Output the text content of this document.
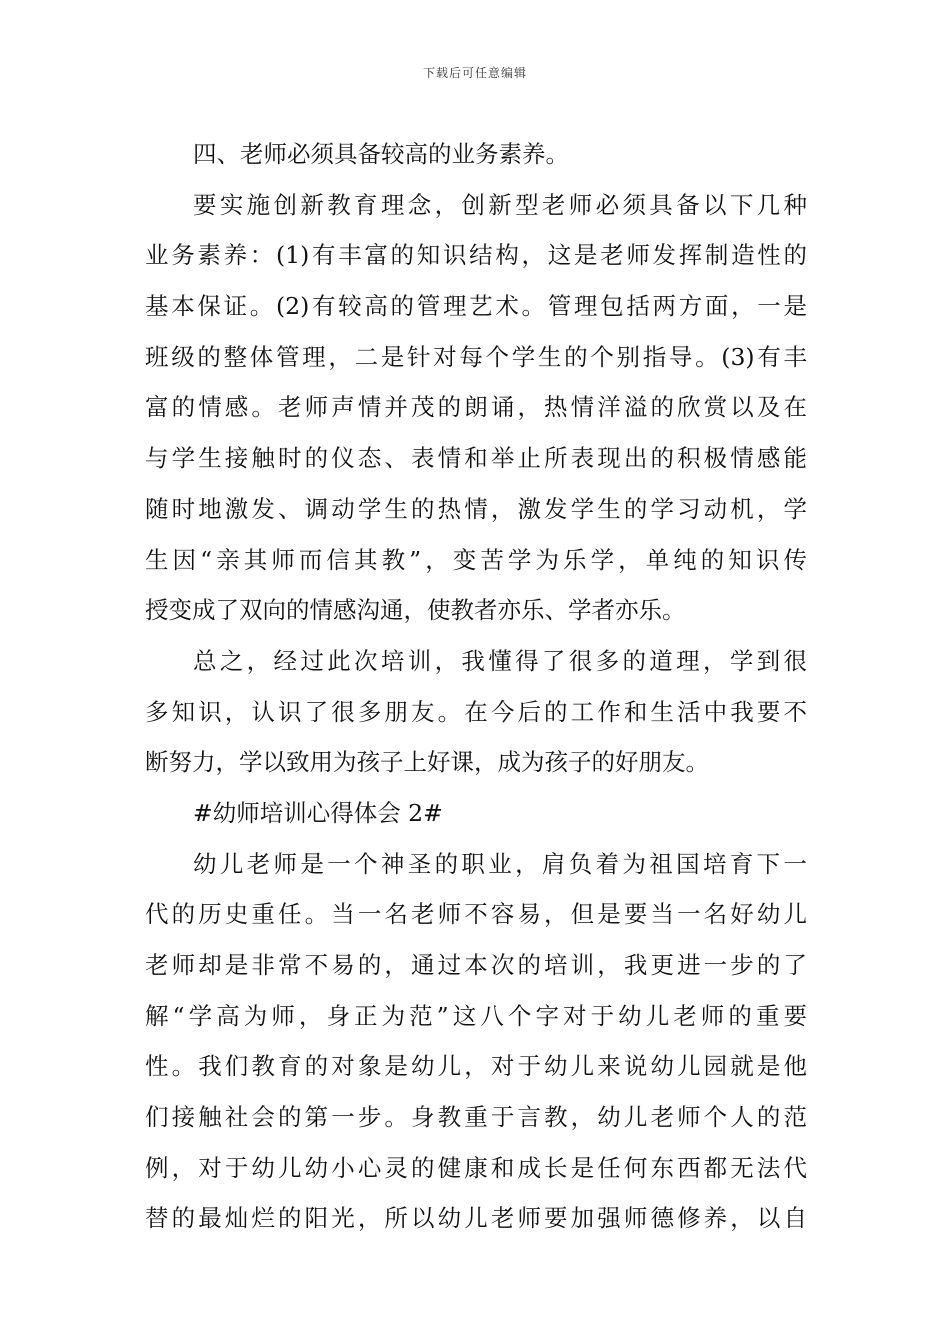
下载后可任意编辑
四、老师必须具备较高的业务素养。
要实施创新教育理念，创新型老师必须具备以下几种
业务素养：(1)有丰富的知识结构，这是老师发挥制造性的
基本保证。(2)有较高的管理艺术。管理包括两方面，一是
班级的整体管理，二是针对每个学生的个别指导。(3)有丰
富的情感。老师声情并茂的朗诵，热情洋溢的欣赏以及在
与学生接触时的仪态、表情和举止所表现出的积极情感能
随时地激发、调动学生的热情，激发学生的学习动机，学
生因“亲其师而信其教”，变苦学为乐学，单纯的知识传
授变成了双向的情感沟通，使教者亦乐、学者亦乐。
总之，经过此次培训，我懂得了很多的道理，学到很
多知识，认识了很多朋友。在今后的工作和生活中我要不
断努力，学以致用为孩子上好课，成为孩子的好朋友。
#幼师培训心得体会 2#
幼儿老师是一个神圣的职业，肩负着为祖国培育下一
代的历史重任。当一名老师不容易，但是要当一名好幼儿
老师却是非常不易的，通过本次的培训，我更进一步的了
解“学高为师，身正为范”这八个字对于幼儿老师的重要
性。我们教育的对象是幼儿，对于幼儿来说幼儿园就是他
们接触社会的第一步。身教重于言教，幼儿老师个人的范
例，对于幼儿幼小心灵的健康和成长是任何东西都无法代
替的最灿烂的阳光，所以幼儿老师要加强师德修养，以自
